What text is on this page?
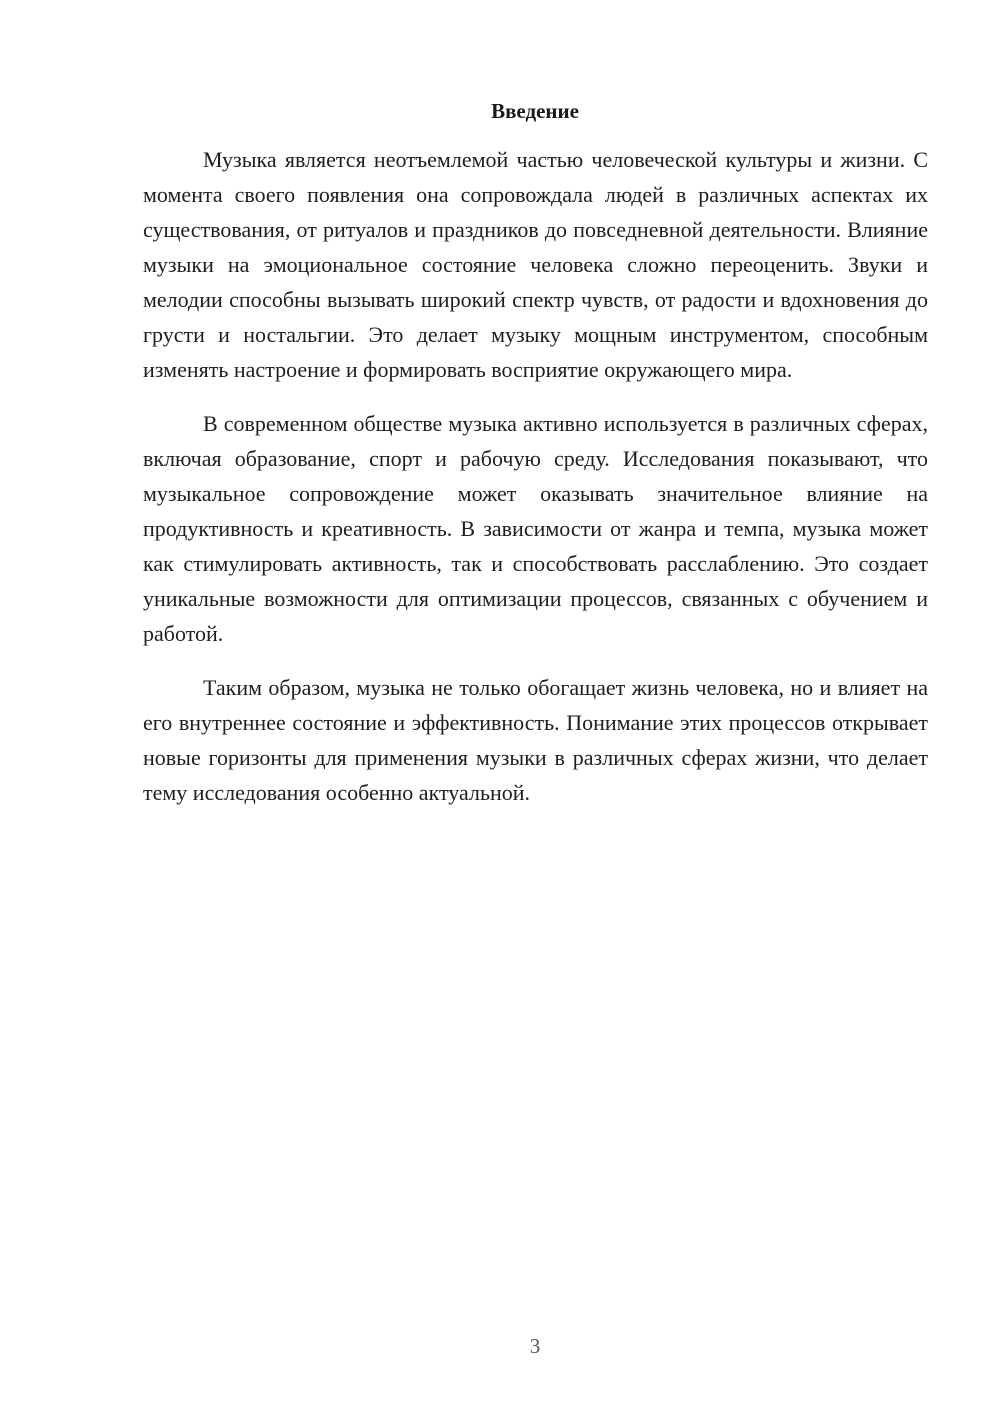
Введение

Музыка является неотъемлемой частью человеческой культуры и жизни. С момента своего появления она сопровождала людей в различных аспектах их существования, от ритуалов и праздников до повседневной деятельности. Влияние музыки на эмоциональное состояние человека сложно переоценить. Звуки и мелодии способны вызывать широкий спектр чувств, от радости и вдохновения до грусти и ностальгии. Это делает музыку мощным инструментом, способным изменять настроение и формировать восприятие окружающего мира.

В современном обществе музыка активно используется в различных сферах, включая образование, спорт и рабочую среду. Исследования показывают, что музыкальное сопровождение может оказывать значительное влияние на продуктивность и креативность. В зависимости от жанра и темпа, музыка может как стимулировать активность, так и способствовать расслаблению. Это создает уникальные возможности для оптимизации процессов, связанных с обучением и работой.

Таким образом, музыка не только обогащает жизнь человека, но и влияет на его внутреннее состояние и эффективность. Понимание этих процессов открывает новые горизонты для применения музыки в различных сферах жизни, что делает тему исследования особенно актуальной.

3
